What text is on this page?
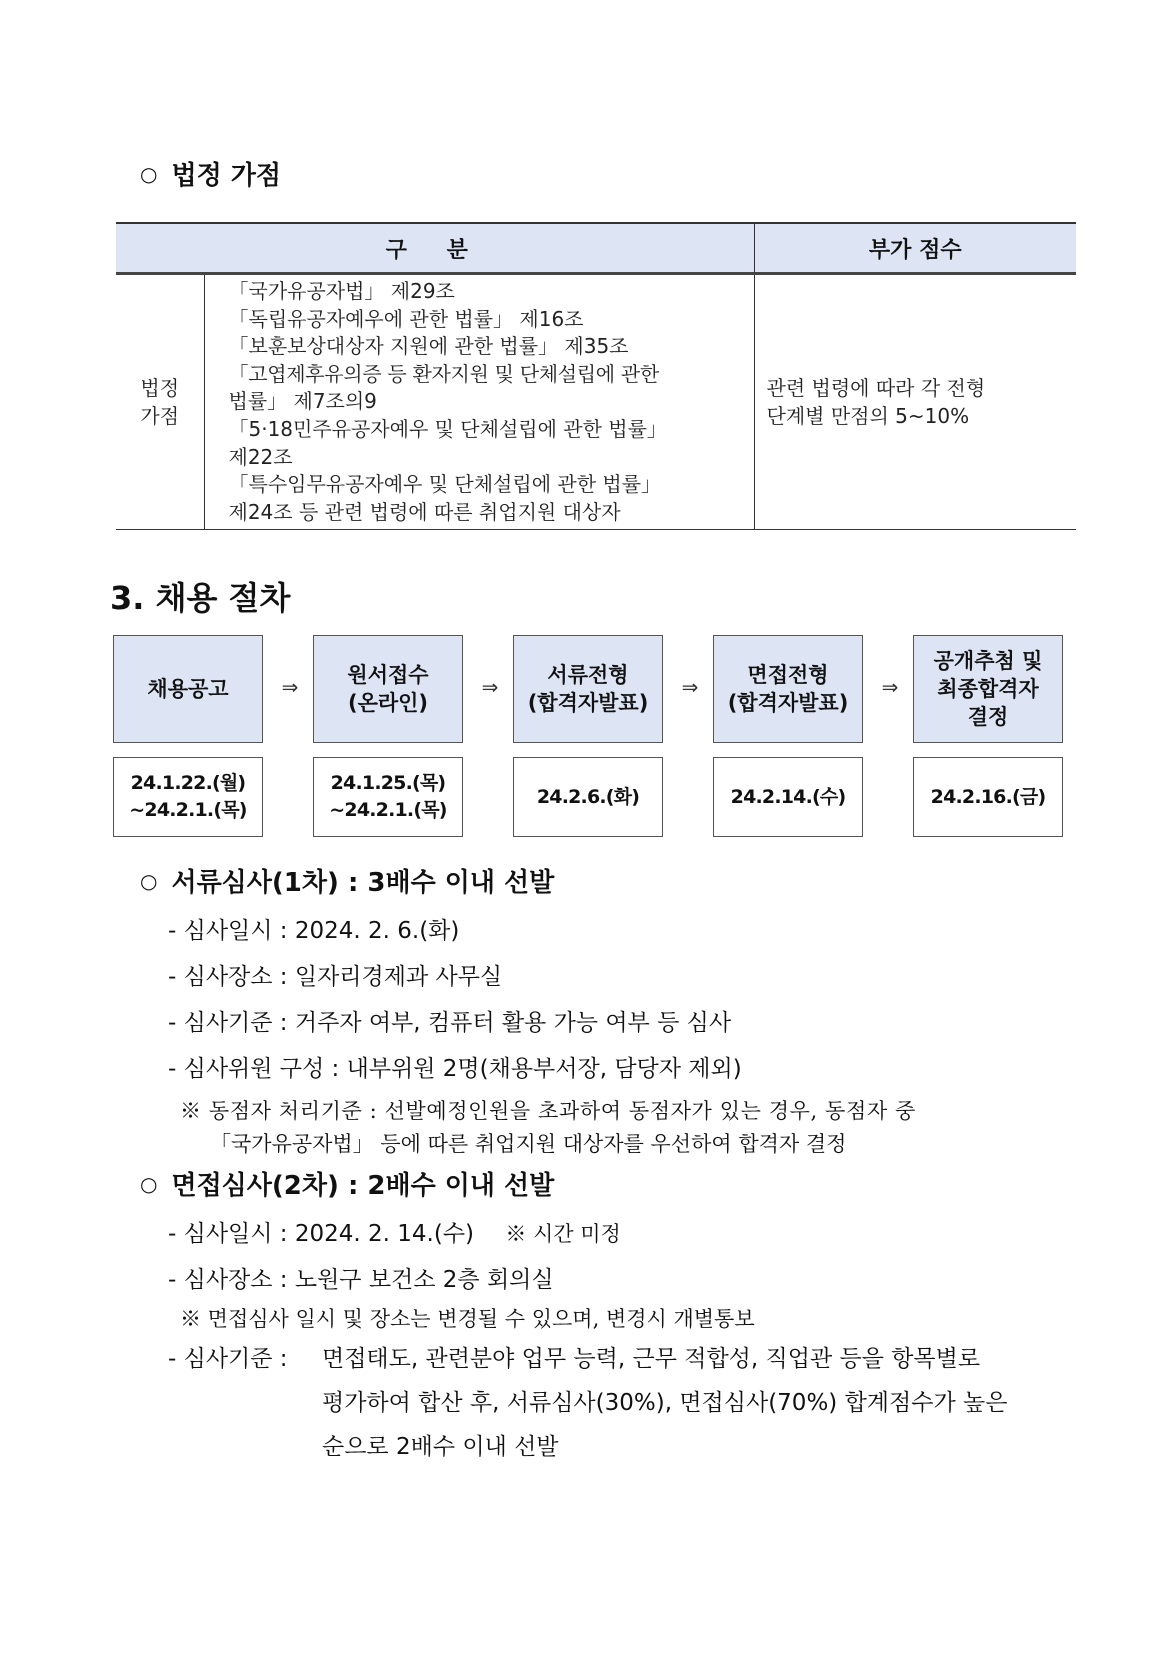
○ 법정 가점
구 분		부가 점수

법정
가점

「국가유공자법」 제29조
「독립유공자예우에 관한 법률」 제16조
「보훈보상대상자 지원에 관한 법률」 제35조
「고엽제후유의증 등 환자지원 및 단체설립에 관한
법률」 제7조의9
「5·18민주유공자예우 및 단체설립에 관한 법률」
제22조
「특수임무유공자예우 및 단체설립에 관한 법률」
제24조 등 관련 법령에 따른 취업지원 대상자

관련 법령에 따라 각 전형
단계별 만점의 5~10%
3. 채용 절차
채용공고	⇒	원서접수
(온라인)
⇒	서류전형
(합격자발표)
⇒	면접전형
(합격자발표)
⇒
공개추첨 및
최종합격자
결정
24.1.22.(월)
~24.2.1.(목)
24.1.25.(목)
~24.2.1.(목)
24.2.6.(화)	24.2.14.(수)	24.2.16.(금)
○ 서류심사(1차) : 3배수 이내 선발
- 심사일시 : 2024. 2. 6.(화)
- 심사장소 : 일자리경제과 사무실
- 심사기준 : 거주자 여부, 컴퓨터 활용 가능 여부 등 심사
- 심사위원 구성 : 내부위원 2명(채용부서장, 담당자 제외)
※ 동점자 처리기준 : 선발예정인원을 초과하여 동점자가 있는 경우, 동점자 중
「국가유공자법」 등에 따른 취업지원 대상자를 우선하여 합격자 결정
○ 면접심사(2차) : 2배수 이내 선발
- 심사일시 : 2024. 2. 14.(수) ※ 시간 미정
- 심사장소 : 노원구 보건소 2층 회의실
※ 면접심사 일시 및 장소는 변경될 수 있으며, 변경시 개별통보
- 심사기준 : 면접태도, 관련분야 업무 능력, 근무 적합성, 직업관 등을 항목별로
평가하여 합산 후, 서류심사(30%), 면접심사(70%) 합계점수가 높은
순으로 2배수 이내 선발
